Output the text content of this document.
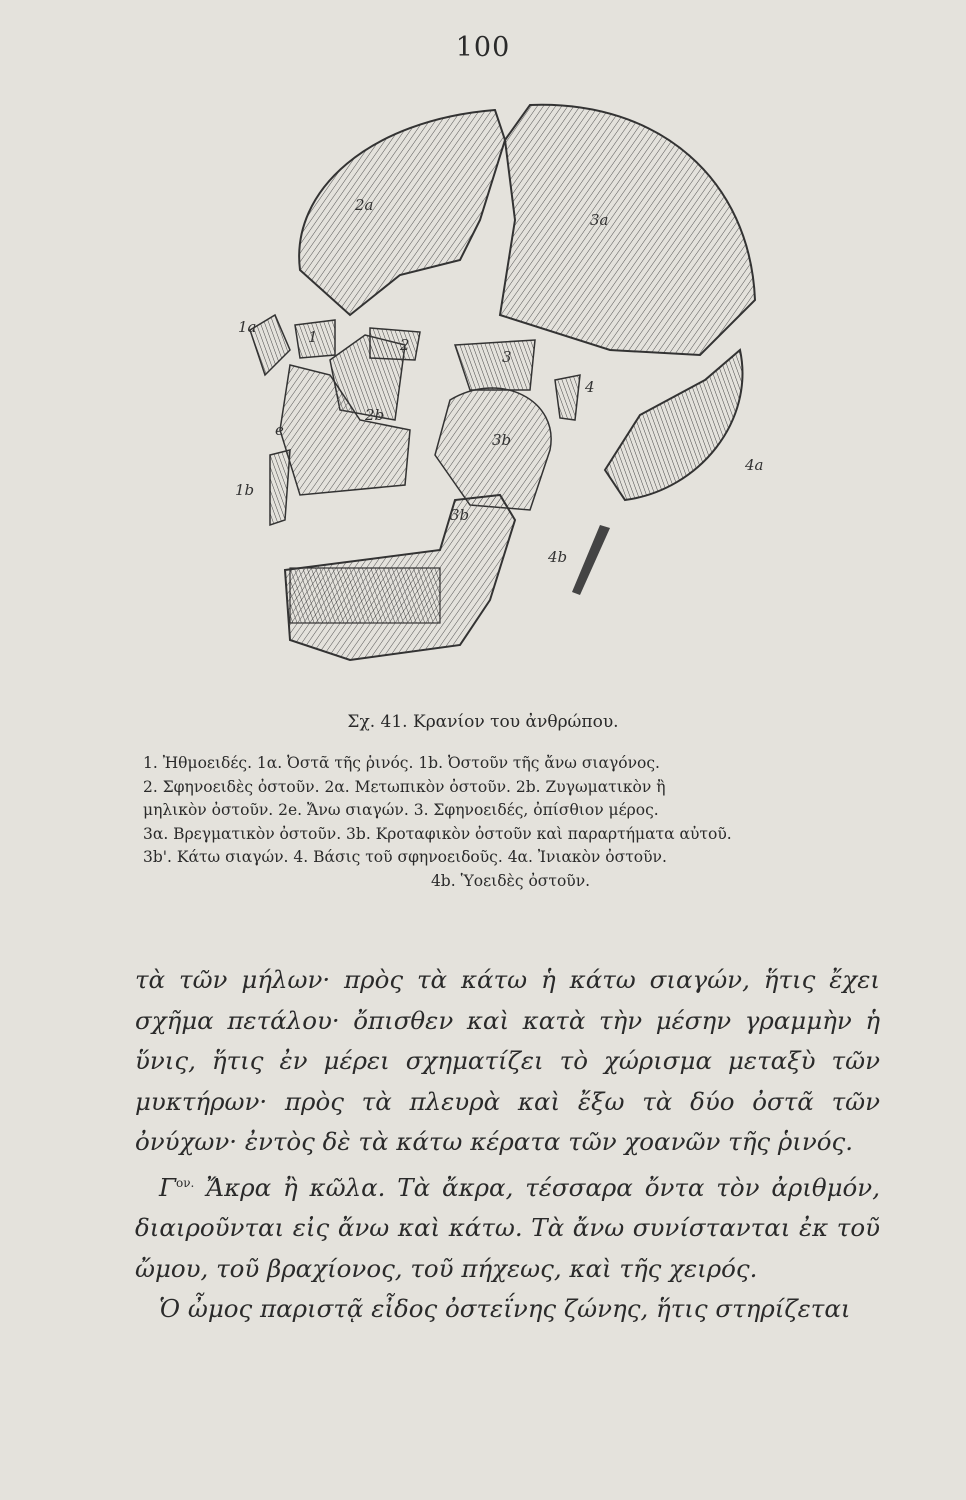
100
2a
3a
1a
1	2
3
4
2b
e
3b
4a
1b
3b
4b
Σχ. 41. Κρανίον του ἀνθρώπου.

1. Ἠθμοειδές. 1α. Ὀστᾶ τῆς ῥινός. 1b. Ὀστοῦν τῆς ἄνω σιαγόνος.

2. Σφηνοειδὲς ὀστοῦν. 2α. Μετωπικὸν ὀστοῦν. 2b. Ζυγωματικὸν ἢ

μηλικὸν ὀστοῦν. 2e. Ἄνω σιαγών. 3. Σφηνοειδές, ὀπίσθιον μέρος.

3α. Βρεγματικὸν ὀστοῦν. 3b. Κροταφικὸν ὀστοῦν καὶ παραρτήματα αὐτοῦ.

3b'. Κάτω σιαγών. 4. Βάσις τοῦ σφηνοειδοῦς. 4α. Ἰνιακὸν ὀστοῦν.

4b. Ὑοειδὲς ὀστοῦν.

τὰ τῶν μήλων· πρὸς τὰ κάτω ἡ κάτω σιαγών, ἥτις ἔχει σχῆμα πετάλου· ὄπισθεν καὶ κατὰ τὴν μέσην γραμμὴν ἡ ὕνις, ἥτις ἐν μέρει σχηματίζει τὸ χώρισμα μεταξὺ τῶν μυκτήρων· πρὸς τὰ πλευρὰ καὶ ἔξω τὰ δύο ὀστᾶ τῶν ὀνύχων· ἐντὸς δὲ τὰ κάτω κέρατα τῶν χοανῶν τῆς ῥινός.

$\Gamma^{o\nu.}$ Ἄκρα ἢ κῶλα. Τὰ ἄκρα, τέσσαρα ὄντα τὸν ἀριθμόν, διαιροῦνται εἰς ἄνω καὶ κάτω. Τὰ ἄνω συνίστανται ἐκ τοῦ ὤμου, τοῦ βραχίονος, τοῦ πήχεως, καὶ τῆς χειρός.

Ὁ ὦμος παριστᾷ εἶδος ὀστεΐνης ζώνης, ἥτις στηρίζεται
